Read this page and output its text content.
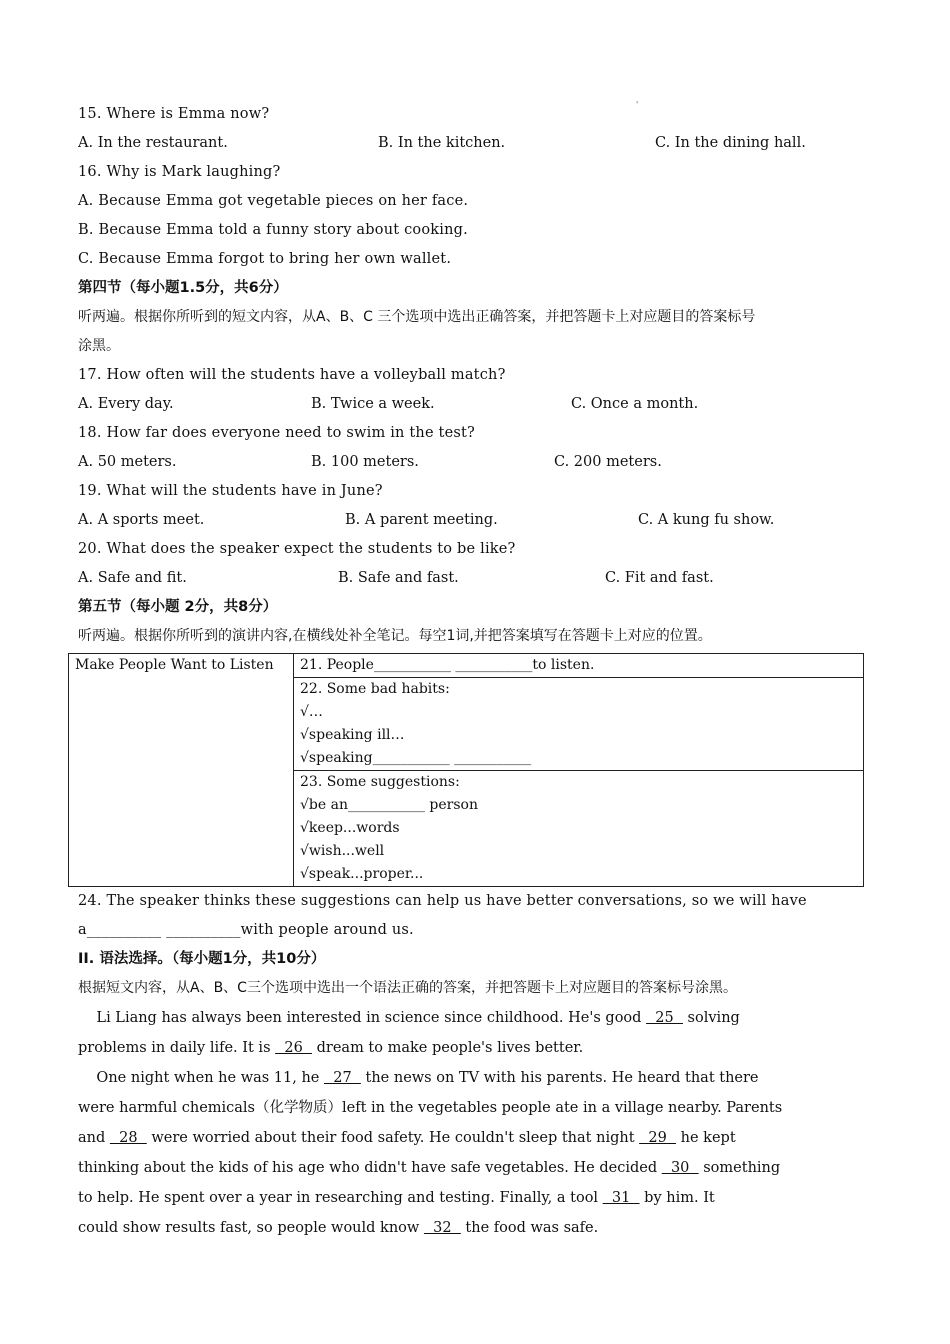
'
15. Where is Emma now?
A. In the restaurant.	B. In the kitchen.	C. In the dining hall.
16. Why is Mark laughing?
A. Because Emma got vegetable pieces on her face.
B. Because Emma told a funny story about cooking.
C. Because Emma forgot to bring her own wallet.
第四节（每小题1.5分，共6分）
听两遍。根据你所听到的短文内容，从A、B、C 三个选项中选出正确答案，并把答题卡上对应题目的答案标号
涂黑。
17. How often will the students have a volleyball match?
A. Every day.	B. Twice a week.	C. Once a month.
18. How far does everyone need to swim in the test?
A. 50 meters.	B. 100 meters.	C. 200 meters.
19. What will the students have in June?
A. A sports meet.	B. A parent meeting.	C. A kung fu show.
20. What does the speaker expect the students to be like?
A. Safe and fit.	B. Safe and fast.	C. Fit and fast.
第五节（每小题 2分，共8分）
听两遍。根据你所听到的演讲内容,在横线处补全笔记。每空1词,并把答案填写在答题卡上对应的位置。
Make People Want to Listen	21. People___________ ___________to listen.

22. Some bad habits:
√…
√speaking ill…
√speaking___________ ___________

23. Some suggestions:
√be an___________ person
√keep...words
√wish...well
√speak...proper...
24. The speaker thinks these suggestions can help us have better conversations, so we will have
a__________ __________with people around us.
II. 语法选择。（每小题1分，共10分）
根据短文内容，从A、B、C三个选项中选出一个语法正确的答案，并把答题卡上对应题目的答案标号涂黑。
Li Liang has always been interested in science since childhood. He's good   25   solving
problems in daily life. It is   26   dream to make people's lives better.
One night when he was 11, he   27   the news on TV with his parents. He heard that there
were harmful chemicals（化学物质）left in the vegetables people ate in a village nearby. Parents
and   28   were worried about their food safety. He couldn't sleep that night   29   he kept
thinking about the kids of his age who didn't have safe vegetables. He decided   30   something
to help. He spent over a year in researching and testing. Finally, a tool   31   by him. It
could show results fast, so people would know   32   the food was safe.
